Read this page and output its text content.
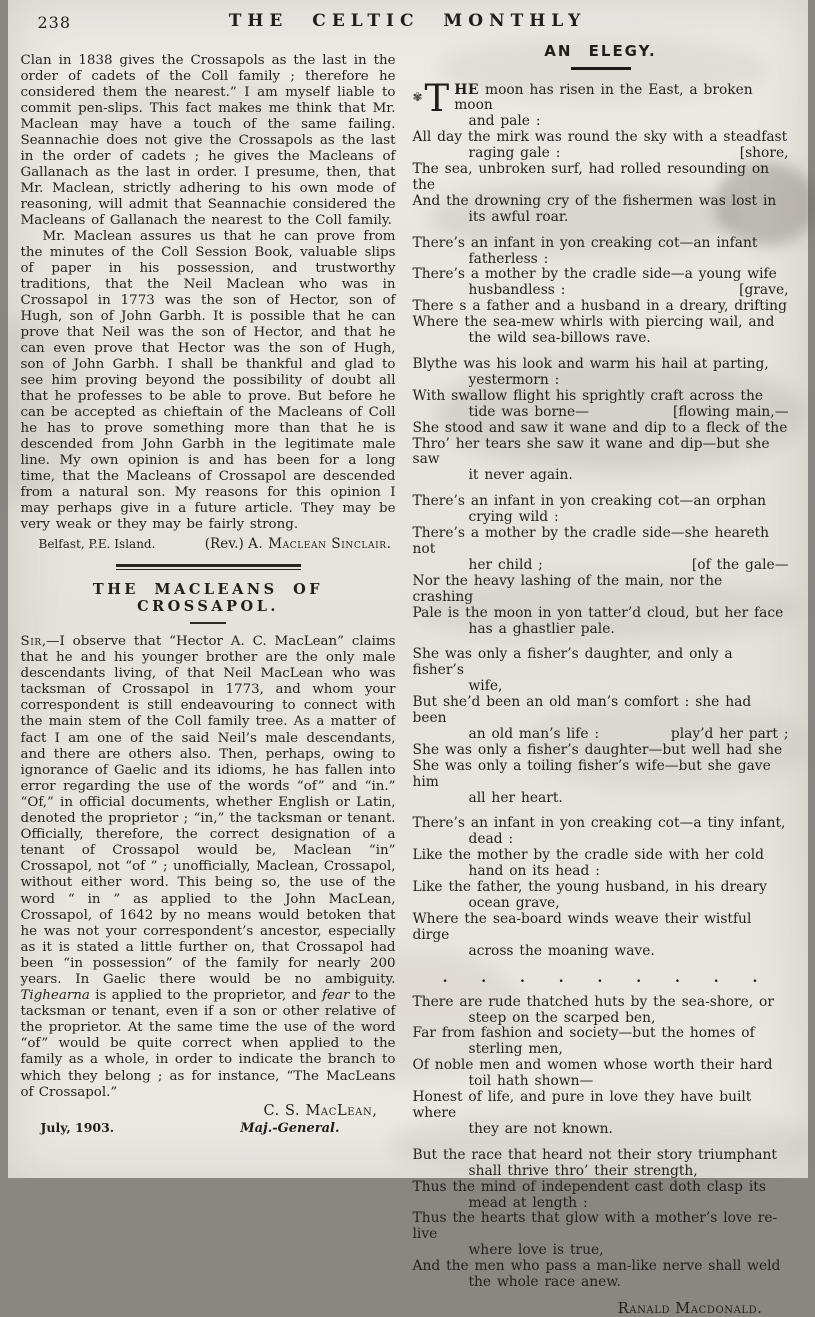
238	THE CELTIC MONTHLY

Clan in 1838 gives the Crossapols as the last in the order of cadets of the Coll family ; therefore he considered them the nearest.” I am myself liable to commit pen-slips. This fact makes me think that Mr. Maclean may have a touch of the same failing. Seannachie does not give the Crossapols as the last in the order of cadets ; he gives the Macleans of Gallanach as the last in order. I presume, then, that Mr. Maclean, strictly adhering to his own mode of reasoning, will admit that Seannachie considered the Macleans of Gallanach the nearest to the Coll family.

Mr. Maclean assures us that he can prove from the minutes of the Coll Session Book, valuable slips of paper in his possession, and trustworthy traditions, that the Neil Maclean who was in Crossapol in 1773 was the son of Hector, son of Hugh, son of John Garbh. It is possible that he can prove that Neil was the son of Hector, and that he can even prove that Hector was the son of Hugh, son of John Garbh. I shall be thankful and glad to see him proving beyond the possibility of doubt all that he professes to be able to prove. But before he can be accepted as chieftain of the Macleans of Coll he has to prove something more than that he is descended from John Garbh in the legitimate male line. My own opinion is and has been for a long time, that the Macleans of Crossapol are descended from a natural son. My reasons for this opinion I may perhaps give in a future article. They may be very weak or they may be fairly strong.

Belfast, P.E. Island.	(Rev.) A. Maclean Sinclair.
THE MACLEANS OF CROSSAPOL.

Sir,—I observe that “Hector A. C. MacLean” claims that he and his younger brother are the only male descendants living, of that Neil MacLean who was tacksman of Crossapol in 1773, and whom your correspondent is still endeavouring to connect with the main stem of the Coll family tree. As a matter of fact I am one of the said Neil’s male descendants, and there are others also. Then, perhaps, owing to ignorance of Gaelic and its idioms, he has fallen into error regarding the use of the words “of” and “in.” “Of,” in official documents, whether English or Latin, denoted the proprietor ; “in,” the tacksman or tenant. Officially, therefore, the correct designation of a tenant of Crossapol would be, Maclean “in” Crossapol, not “of ” ; unofficially, Maclean, Crossapol, without either word. This being so, the use of the word “ in ” as applied to the John MacLean, Crossapol, of 1642 by no means would betoken that he was not your correspondent’s ancestor, especially as it is stated a little further on, that Crossapol had been “in possession” of the family for nearly 200 years. In Gaelic there would be no ambiguity. Tighearna is applied to the proprietor, and fear to the tacksman or tenant, even if a son or other relative of the proprietor. At the same time the use of the word “of” would be quite correct when applied to the family as a whole, in order to indicate the branch to which they belong ; as for instance, “The MacLeans of Crossapol.”

C. S. MacLean,
July, 1903.	Maj.-General.
AN ELEGY.
✾ T ❧HE moon has risen in the East, a broken moon
and pale :
All day the mirk was round the sky with a steadfast
raging gale :	[shore,
The sea, unbroken surf, had rolled resounding on the
And the drowning cry of the fishermen was lost in
its awful roar.
There’s an infant in yon creaking cot—an infant
fatherless :
There’s a mother by the cradle side—a young wife
husbandless :	[grave,
There s a father and a husband in a dreary, drifting
Where the sea-mew whirls with piercing wail, and
the wild sea-billows rave.
Blythe was his look and warm his hail at parting,
yestermorn :
With swallow flight his sprightly craft across the
tide was borne—	[flowing main,—
She stood and saw it wane and dip to a fleck of the
Thro’ her tears she saw it wane and dip—but she saw
it never again.
There’s an infant in yon creaking cot—an orphan
crying wild :
There’s a mother by the cradle side—she heareth not
her child ;	[of the gale—
Nor the heavy lashing of the main, nor the crashing
Pale is the moon in yon tatter’d cloud, but her face
has a ghastlier pale.
She was only a fisher’s daughter, and only a fisher’s
wife,
But she’d been an old man’s comfort : she had been
an old man’s life :	play’d her part ;
She was only a fisher’s daughter—but well had she
She was only a toiling fisher’s wife—but she gave him
all her heart.
There’s an infant in yon creaking cot—a tiny infant,
dead :
Like the mother by the cradle side with her cold
hand on its head :
Like the father, the young husband, in his dreary
ocean grave,
Where the sea-board winds weave their wistful dirge
across the moaning wave.
. . . . . . . . .
There are rude thatched huts by the sea-shore, or
steep on the scarped ben,
Far from fashion and society—but the homes of
sterling men,
Of noble men and women whose worth their hard
toil hath shown—
Honest of life, and pure in love they have built where
they are not known.
But the race that heard not their story triumphant
shall thrive thro’ their strength,
Thus the mind of independent cast doth clasp its
mead at length :
Thus the hearts that glow with a mother’s love re-live
where love is true,
And the men who pass a man-like nerve shall weld
the whole race anew.
Ranald Macdonald.
